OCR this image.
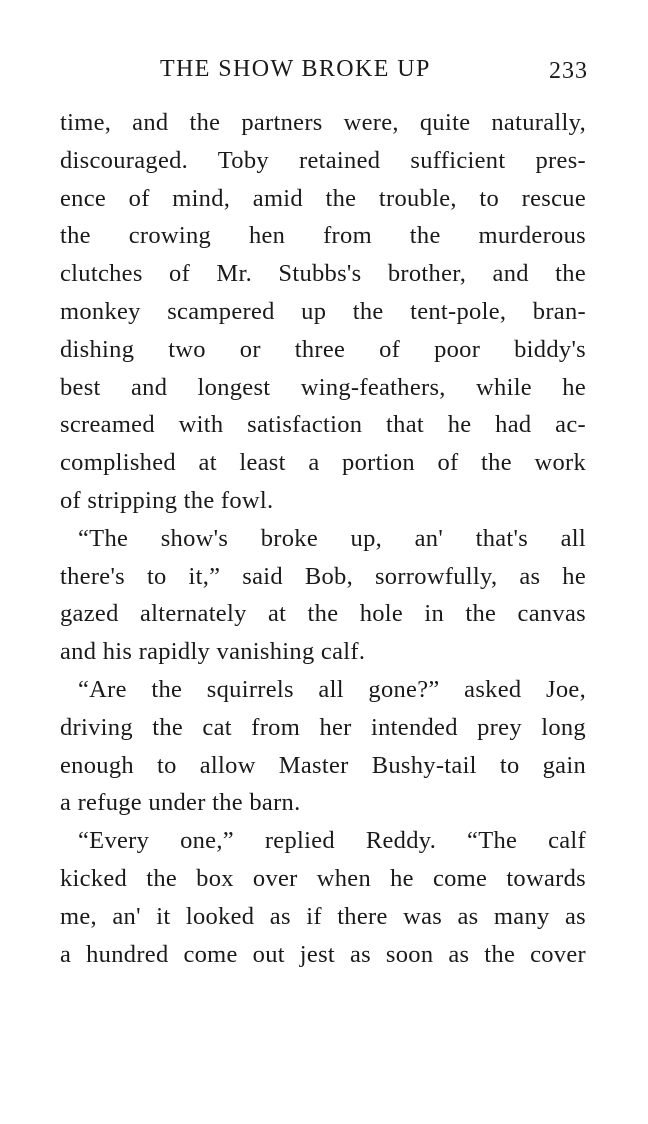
THE SHOW BROKE UP	233
time, and the partners were, quite naturally,
discouraged. Toby retained sufficient pres-
ence of mind, amid the trouble, to rescue
the crowing hen from the murderous
clutches of Mr. Stubbs's brother, and the
monkey scampered up the tent-pole, bran-
dishing two or three of poor biddy's
best and longest wing-feathers, while he
screamed with satisfaction that he had ac-
complished at least a portion of the work
of stripping the fowl.
“The show's broke up, an' that's all
there's to it,” said Bob, sorrowfully, as he
gazed alternately at the hole in the canvas
and his rapidly vanishing calf.
“Are the squirrels all gone?” asked Joe,
driving the cat from her intended prey long
enough to allow Master Bushy-tail to gain
a refuge under the barn.
“Every one,” replied Reddy. “The calf
kicked the box over when he come towards
me, an' it looked as if there was as many as
a hundred come out jest as soon as the cover
